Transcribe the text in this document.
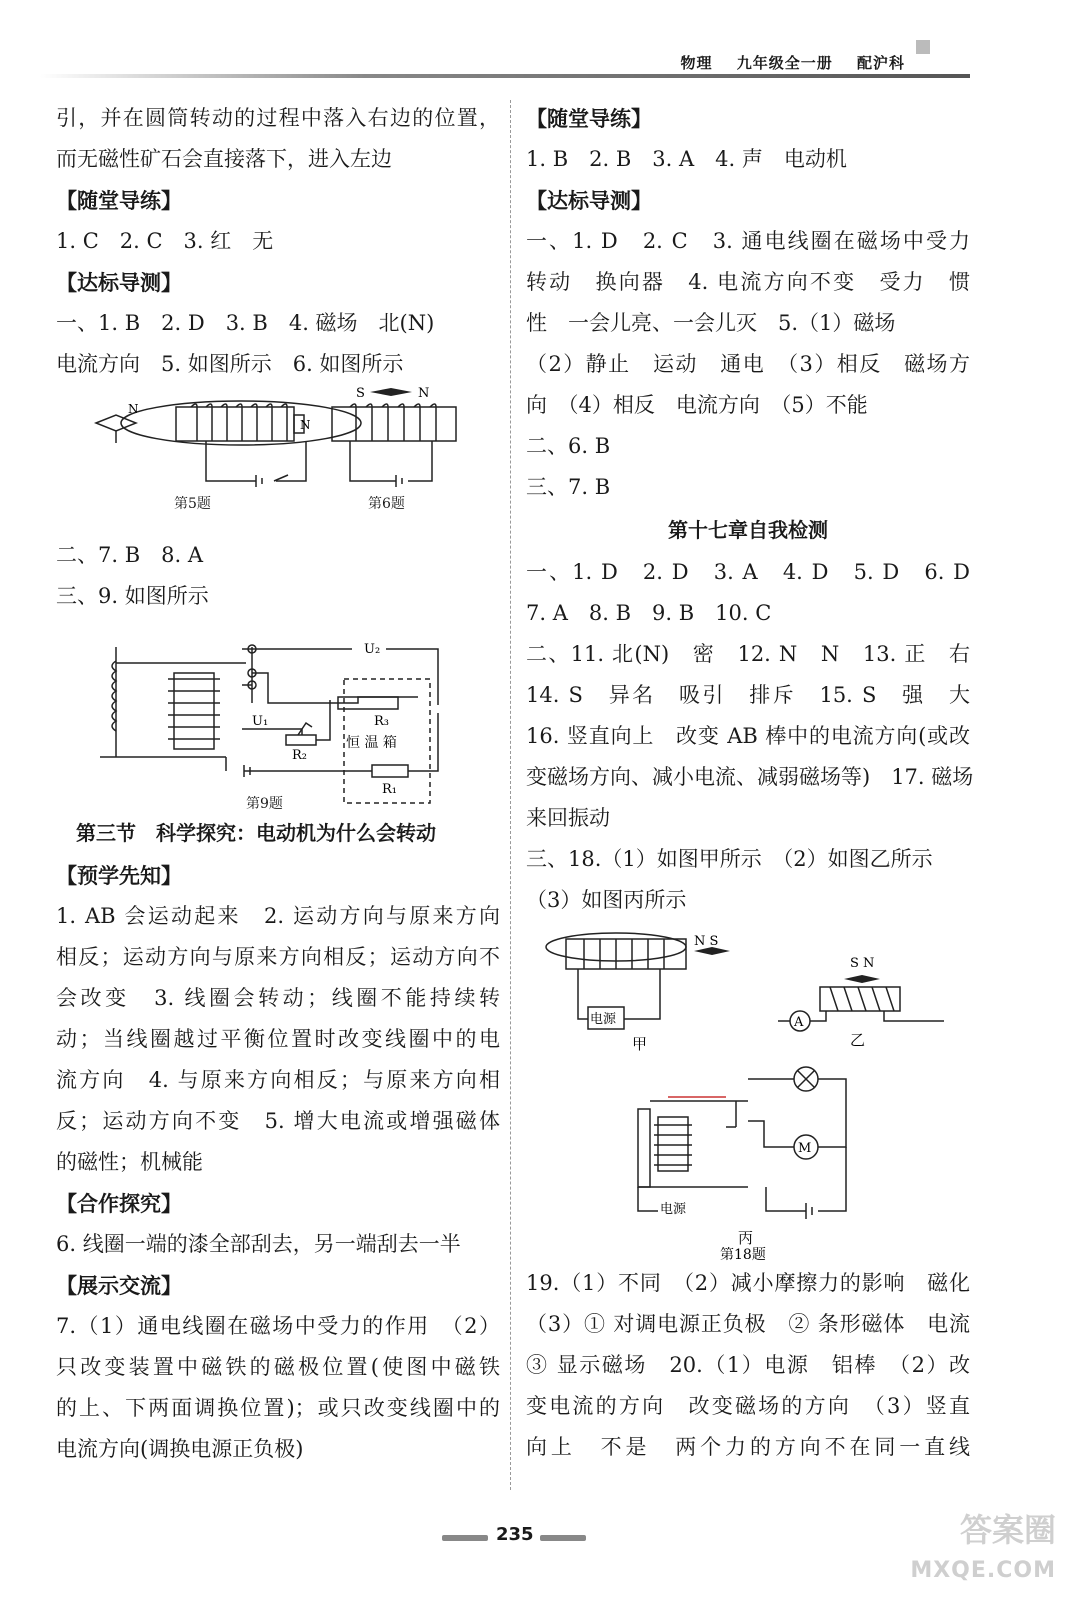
物理 九年级全一册 配沪科
引，并在圆筒转动的过程中落入右边的位置，
而无磁性矿石会直接落下，进入左边
【随堂导练】
1. C　2. C　3. 红　无
【达标导测】
一、1. B　2. D　3. B　4. 磁场　北(N)
电流方向　5. 如图所示　6. 如图所示
N
N
S	N
第5题	第6题
二、7. B　8. A
三、9. 如图所示
U₂
U₁	R₃
R₂
R₁
恒 温 箱
第9题
第三节　科学探究：电动机为什么会转动
【预学先知】
1. AB 会运动起来　2. 运动方向与原来方向
相反；运动方向与原来方向相反；运动方向不
会改变　3. 线圈会转动；线圈不能持续转
动；当线圈越过平衡位置时改变线圈中的电
流方向　4. 与原来方向相反；与原来方向相
反；运动方向不变　5. 增大电流或增强磁体
的磁性；机械能
【合作探究】
6. 线圈一端的漆全部刮去，另一端刮去一半
【展示交流】
7.（1）通电线圈在磁场中受力的作用　（2）
只改变装置中磁铁的磁极位置(使图中磁铁
的上、下两面调换位置)；或只改变线圈中的
电流方向(调换电源正负极)
【随堂导练】
1. B　2. B　3. A　4. 声　电动机
【达标导测】
一、1. D　2. C　3. 通电线圈在磁场中受力
转动　换向器　4. 电流方向不变　受力　惯
性　一会儿亮、一会儿灭　5.（1）磁场
（2）静止　运动　通电　（3）相反　磁场方
向　（4）相反　电流方向　（5）不能
二、6. B
三、7. B
第十七章自我检测
一、1. D　2. D　3. A　4. D　5. D　6. D
7. A　8. B　9. B　10. C
二、11. 北(N)　密　12. N　N　13. 正　右
14. S　异名　吸引　排斥　15. S　强　大
16. 竖直向上　改变 AB 棒中的电流方向(或改
变磁场方向、减小电流、减弱磁场等)　17. 磁场
来回振动
三、18.（1）如图甲所示　（2）如图乙所示
（3）如图丙所示
电源
N S
甲
S N
A
乙
M
电源
丙
第18题
19.（1）不同　（2）减小摩擦力的影响　磁化
（3）① 对调电源正负极　② 条形磁体　电流
③ 显示磁场　20.（1）电源　铝棒　（2）改
变电流的方向　改变磁场的方向　（3）竖直
向上　不是　两个力的方向不在同一直线
235	答案圈
MXQE.COM
